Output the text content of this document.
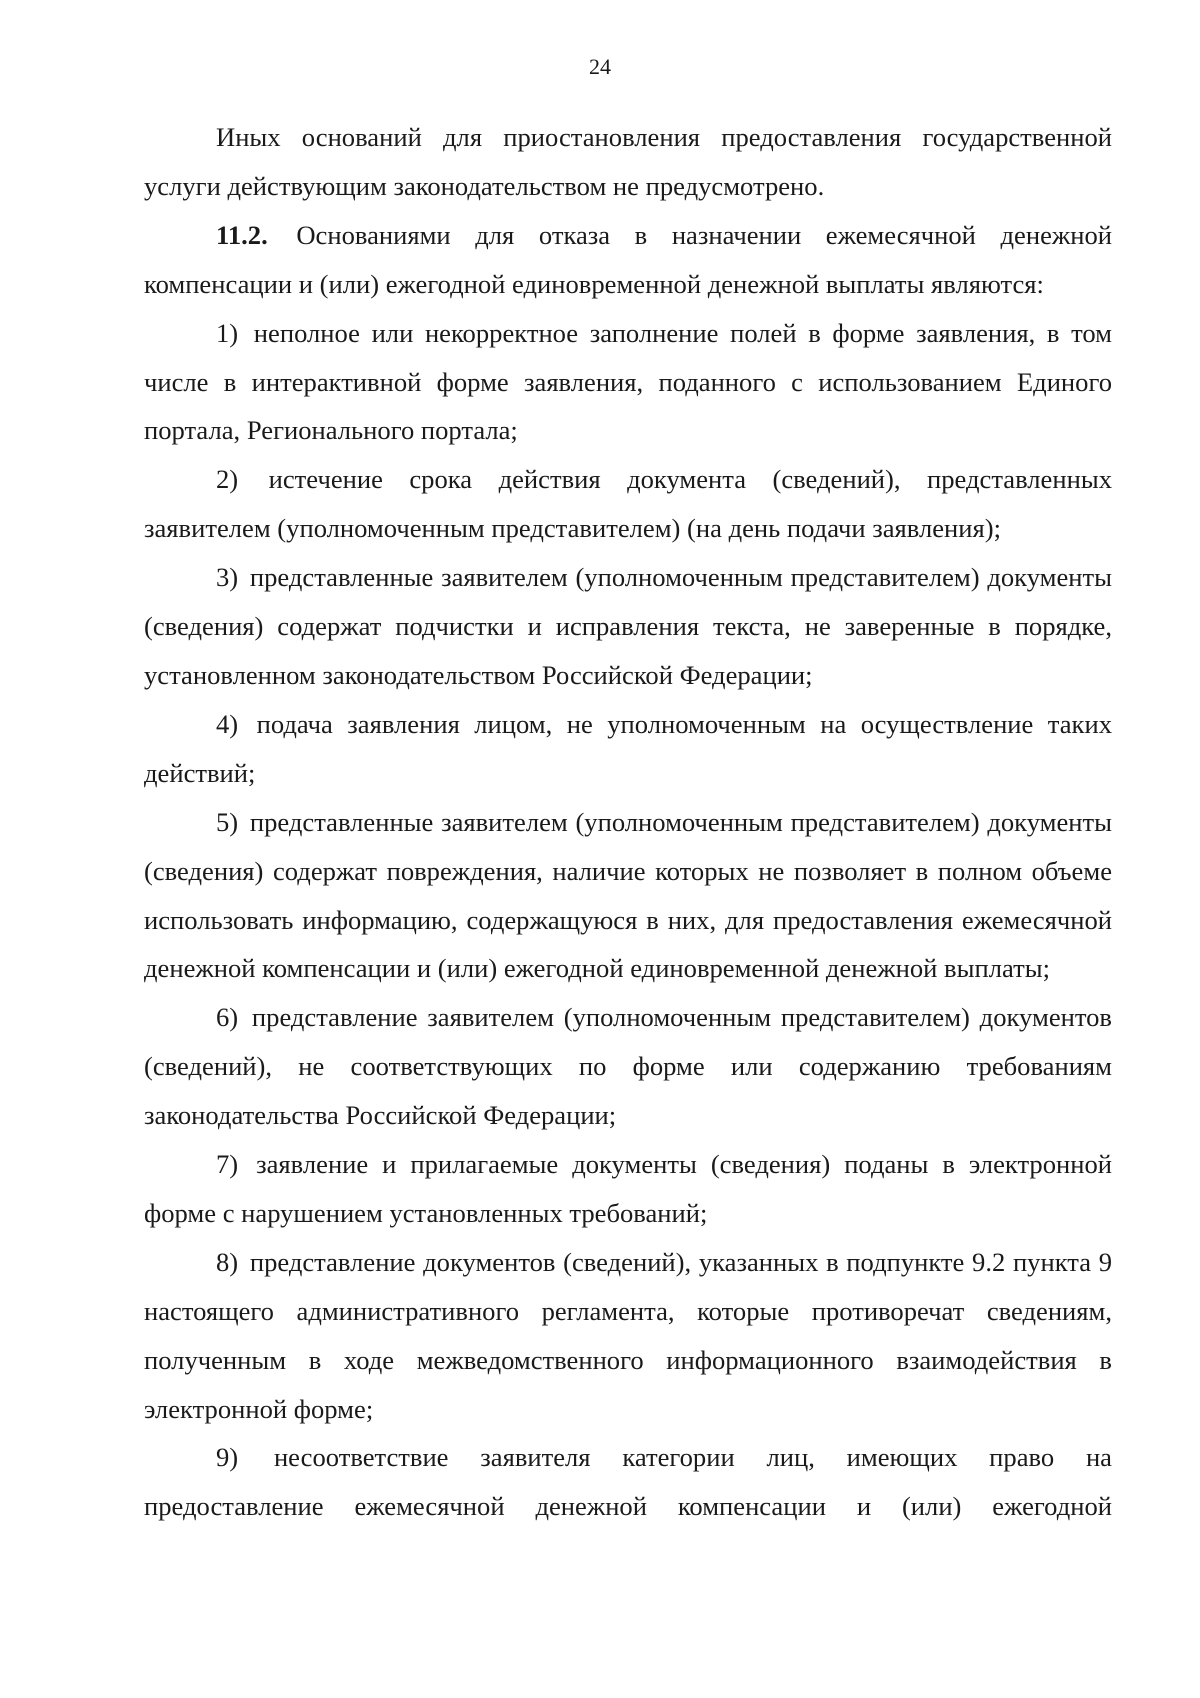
24

Иных оснований для приостановления предоставления государственной услуги действующим законодательством не предусмотрено.

11.2. Основаниями для отказа в назначении ежемесячной денежной компенсации и (или) ежегодной единовременной денежной выплаты являются:

1) неполное или некорректное заполнение полей в форме заявления, в том числе в интерактивной форме заявления, поданного с использованием Единого портала, Регионального портала;

2) истечение срока действия документа (сведений), представленных заявителем (уполномоченным представителем) (на день подачи заявления);

3) представленные заявителем (уполномоченным представителем) документы (сведения) содержат подчистки и исправления текста, не заверенные в порядке, установленном законодательством Российской Федерации;

4) подача заявления лицом, не уполномоченным на осуществление таких действий;

5) представленные заявителем (уполномоченным представителем) документы (сведения) содержат повреждения, наличие которых не позволяет в полном объеме использовать информацию, содержащуюся в них, для предоставления ежемесячной денежной компенсации и (или) ежегодной единовременной денежной выплаты;

6) представление заявителем (уполномоченным представителем) документов (сведений), не соответствующих по форме или содержанию требованиям законодательства Российской Федерации;

7) заявление и прилагаемые документы (сведения) поданы в электронной форме с нарушением установленных требований;

8) представление документов (сведений), указанных в подпункте 9.2 пункта 9 настоящего административного регламента, которые противоречат сведениям, полученным в ходе межведомственного информационного взаимодействия в электронной форме;

9) несоответствие заявителя категории лиц, имеющих право на предоставление ежемесячной денежной компенсации и (или) ежегодной
